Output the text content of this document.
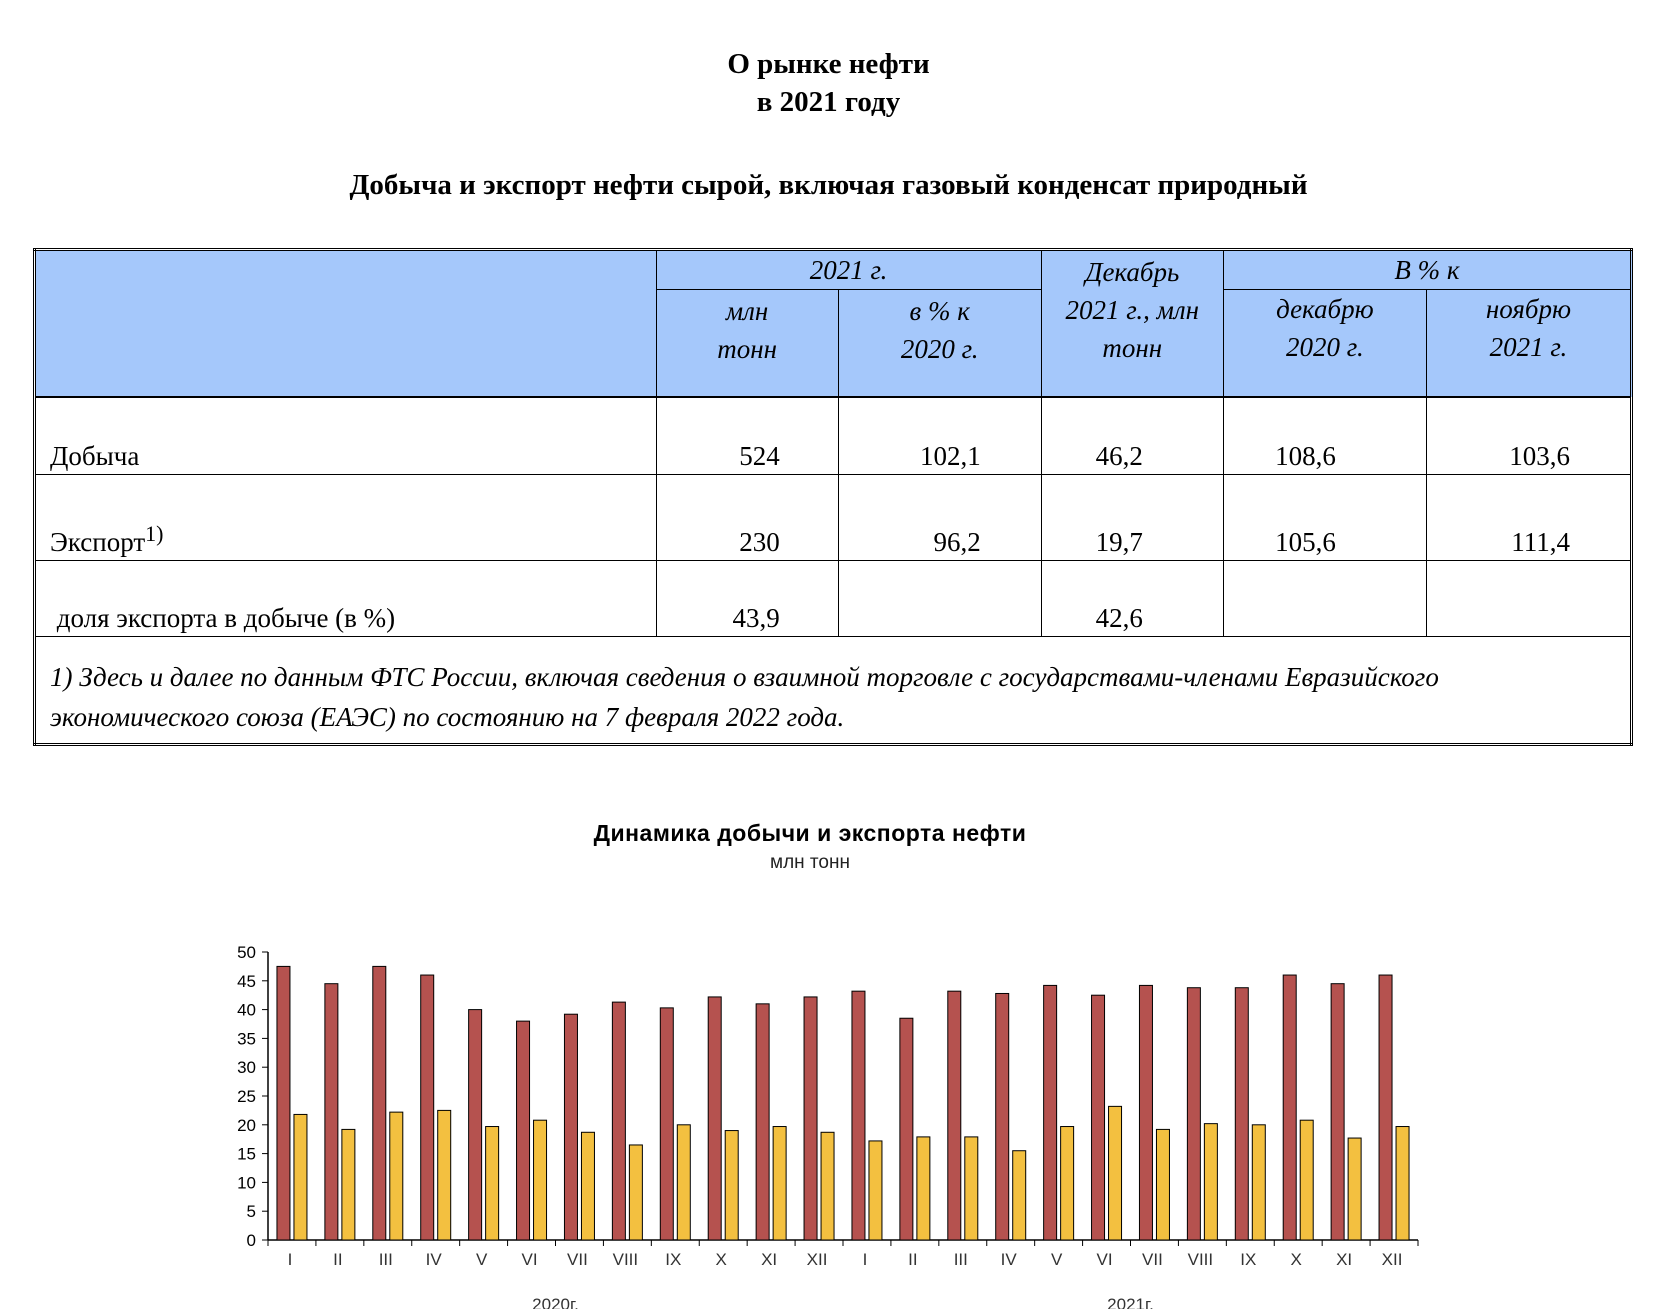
О рынке нефти
в 2021 году
Добыча и экспорт нефти сырой, включая газовый конденсат природный
	2021 г.		Декабрь 2021 г., млн тонн	В % к	

	млн тонн	в % к 2020 г.		декабрю 2020 г.	ноябрю 2021 г.

Добыча	524	102,1	46,2	108,6	103,6
Экспорт$^{1)}$	230	96,2	19,7	105,6	111,4
доля экспорта в добыче (в %)	43,9		42,6		
1) Здесь и далее по данным ФТС России, включая сведения о взаимной торговле с государствами-членами Евразийского экономического союза (ЕАЭС) по состоянию на 7 февраля 2022 года.					
Динамика добычи и экспорта нефти
млн тонн
0
5
10
15
20
25
30
35
40
45
50
I II III IV V VI VII VIII IX X XI XII I II III IV V VI VII VIII IX X XI XII
2020г.	2021г.
